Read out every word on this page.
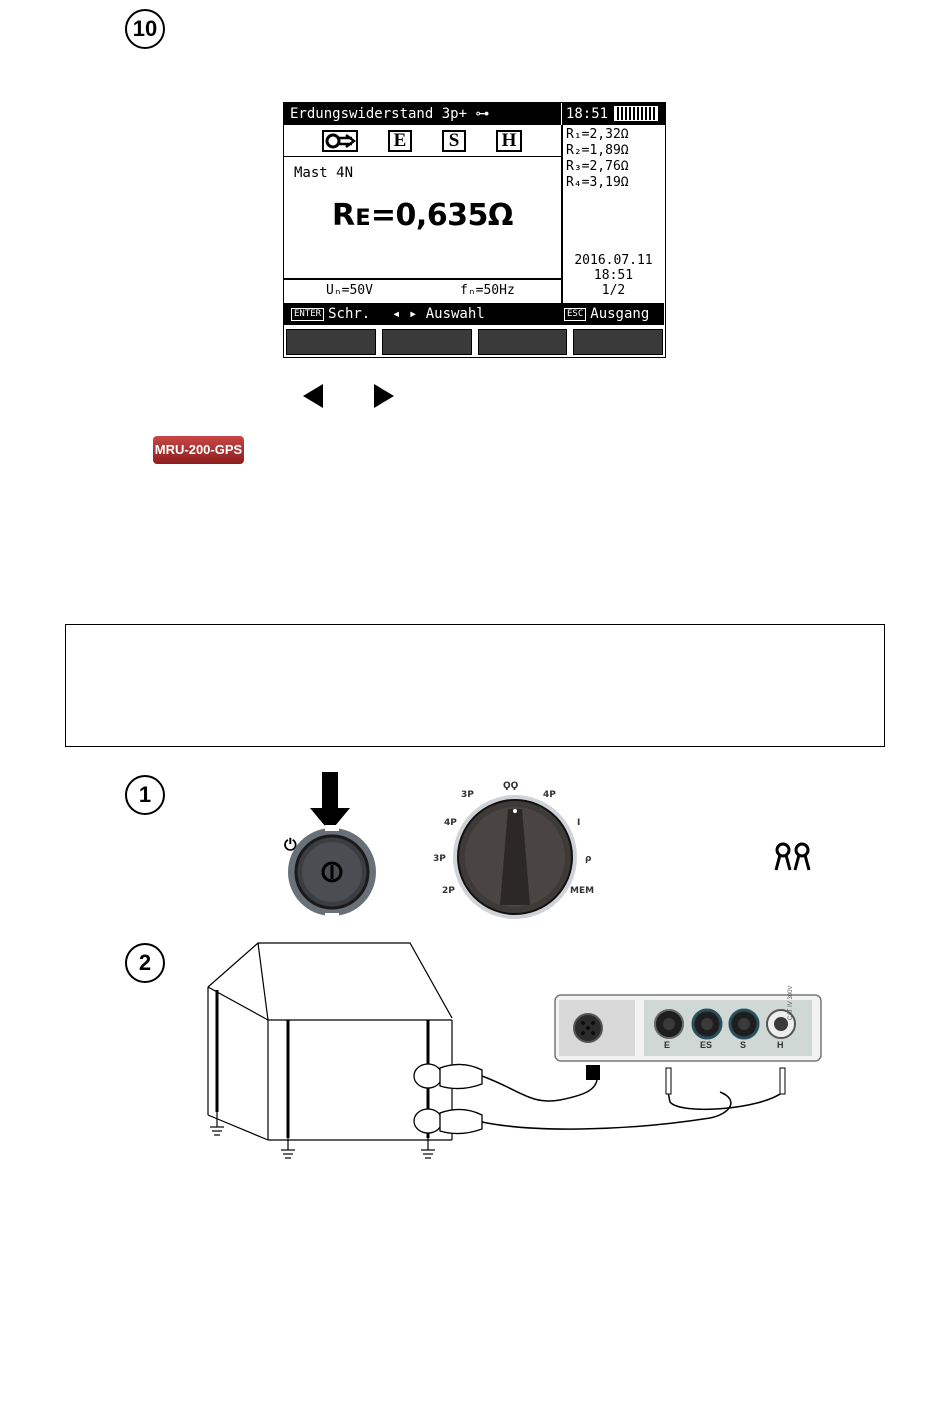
10
Erdungswiderstand 3p+ ⊶	18:51
E	S	H	R₁=2,32Ω
R₂=1,89Ω
R₃=2,76Ω
R₄=3,19Ω
Mast 4N
Rᴇ=0,635Ω
Uₙ=50V	fₙ=50Hz
2016.07.11
18:51
1/2
ENTER Schr. ◂ ▸ Auswahl	ESC Ausgang
MRU-200-GPS
1
⏻
3P
ϘϘ
4P
4P	I
3P	ρ
2P	MEM
2
E	ES	S	H
CAT IV 300V
